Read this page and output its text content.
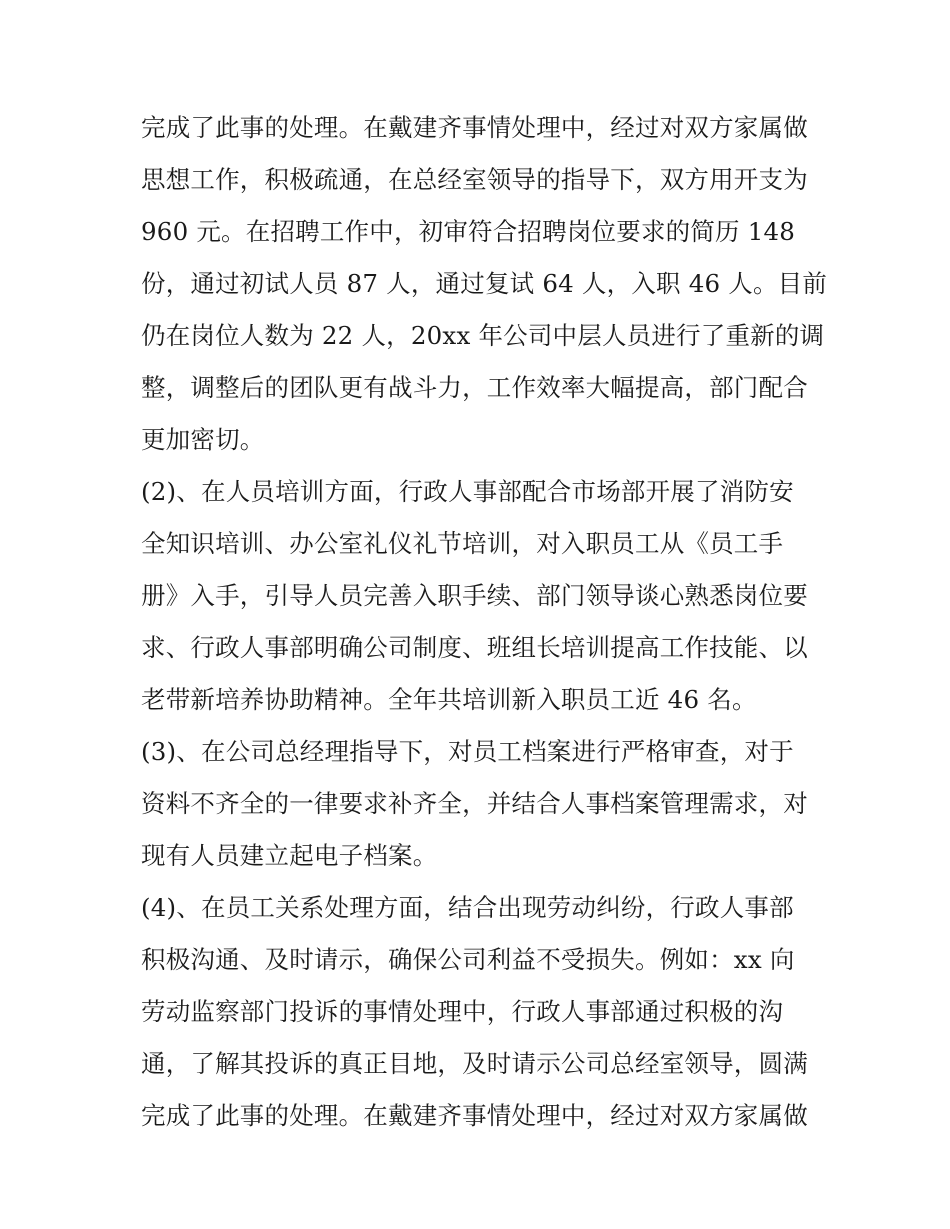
完成了此事的处理。在戴建齐事情处理中，经过对双方家属做
思想工作，积极疏通，在总经室领导的指导下，双方用开支为
960 元。在招聘工作中，初审符合招聘岗位要求的简历 148
份，通过初试人员 87 人，通过复试 64 人，入职 46 人。目前
仍在岗位人数为 22 人，20xx 年公司中层人员进行了重新的调
整，调整后的团队更有战斗力，工作效率大幅提高，部门配合
更加密切。
(2)、在人员培训方面，行政人事部配合市场部开展了消防安
全知识培训、办公室礼仪礼节培训，对入职员工从《员工手
册》入手，引导人员完善入职手续、部门领导谈心熟悉岗位要
求、行政人事部明确公司制度、班组长培训提高工作技能、以
老带新培养协助精神。全年共培训新入职员工近 46 名。
(3)、在公司总经理指导下，对员工档案进行严格审查，对于
资料不齐全的一律要求补齐全，并结合人事档案管理需求，对
现有人员建立起电子档案。
(4)、在员工关系处理方面，结合出现劳动纠纷，行政人事部
积极沟通、及时请示，确保公司利益不受损失。例如：xx 向
劳动监察部门投诉的事情处理中，行政人事部通过积极的沟
通，了解其投诉的真正目地，及时请示公司总经室领导，圆满
完成了此事的处理。在戴建齐事情处理中，经过对双方家属做
